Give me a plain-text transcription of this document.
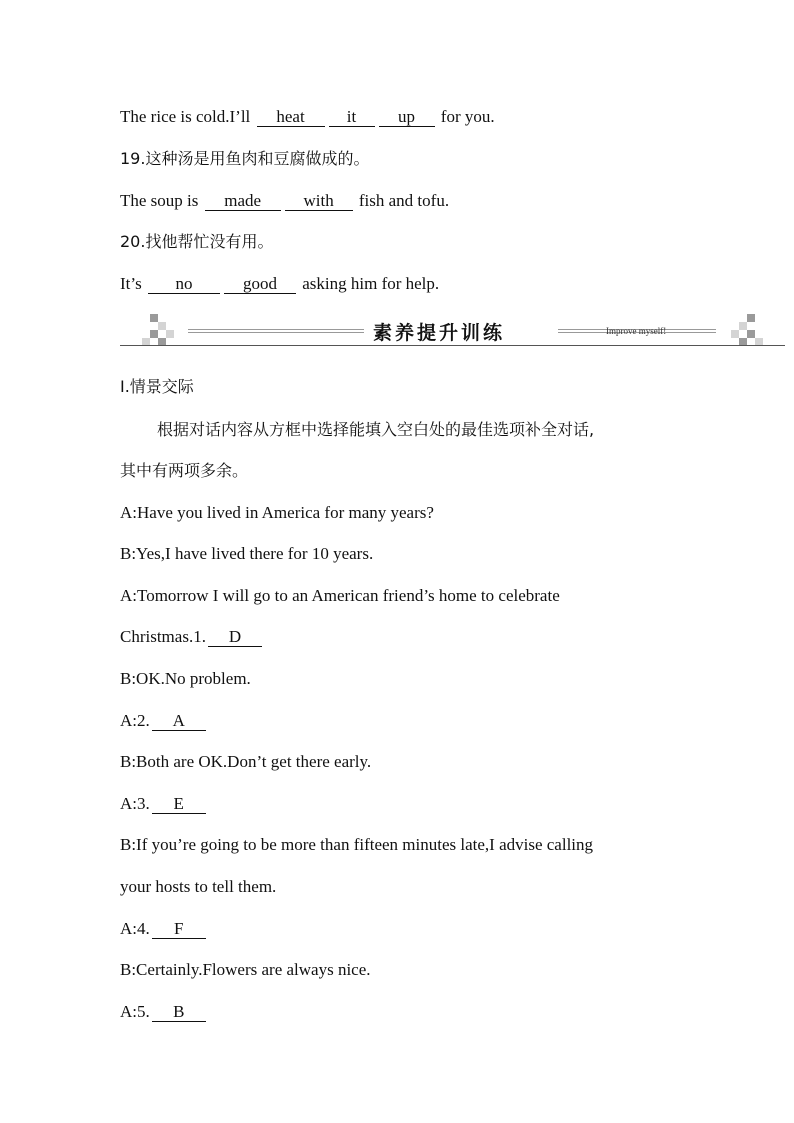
The rice is cold.I’ll heat it up for you.
19.这种汤是用鱼肉和豆腐做成的。
The soup is made with fish and tofu.
20.找他帮忙没有用。
It’s no	good asking him for help.
素养提升训练	Improve myself!
Ⅰ.情景交际
根据对话内容从方框中选择能填入空白处的最佳选项补全对话,
其中有两项多余。
A:Have you lived in America for many years?
B:Yes,I have lived there for 10 years.
A:Tomorrow I will go to an American friend’s home to celebrate
Christmas.1. D
B:OK.No problem.
A:2. A
B:Both are OK.Don’t get there early.
A:3. E
B:If you’re going to be more than fifteen minutes late,I advise calling
your hosts to tell them.
A:4. F
B:Certainly.Flowers are always nice.
A:5. B
